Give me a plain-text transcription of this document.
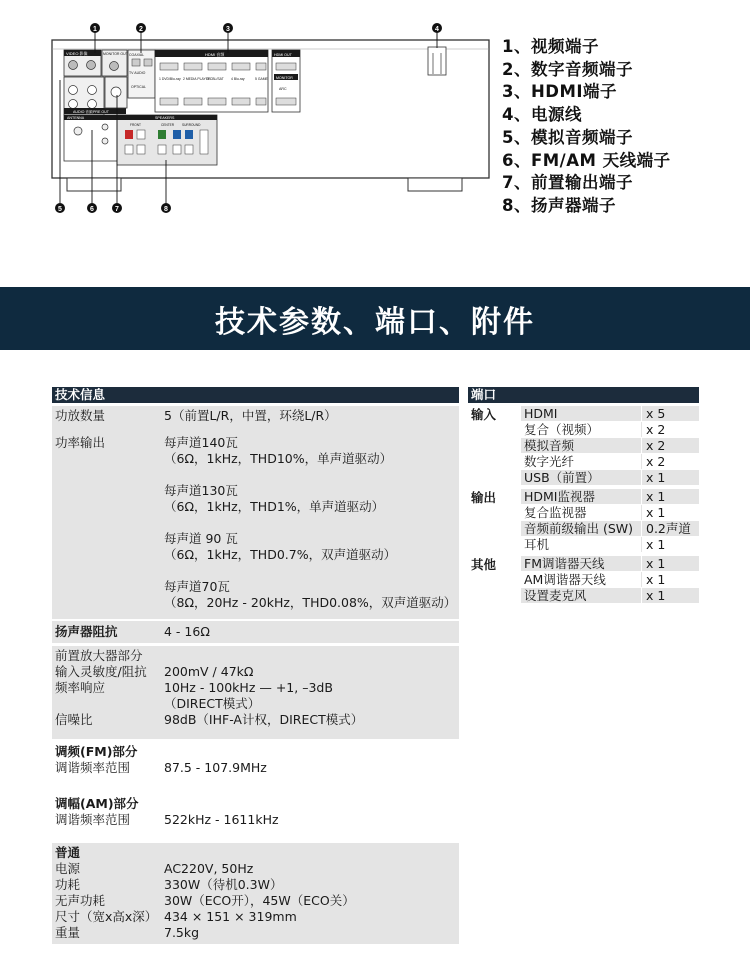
VIDEO 影像	MONITOR OUT COAXIAL
TV AUDIO
OPTICAL
HDMI 音频
1 DVD/Blu-ray 2 MEDIA PLAYER
3 CBL/SAT 4 Blu-ray	5 GAME
HDMI OUT
MONITOR
ARC
AUDIO 音频 PRE OUT
ANTENNA	SPEAKERS
FRONT	CENTER SURROUND
1	2	3	4
5	6	7	8
1、视频端子
2、数字音频端子
3、HDMI端子
4、电源线
5、模拟音频端子
6、FM/AM 天线端子
7、前置输出端子
8、扬声器端子
技术参数、端口、附件
技术信息
功放数量	5（前置L/R，中置，环绕L/R）
功率输出	每声道140瓦
（6Ω，1kHz，THD10%，单声道驱动）
每声道130瓦
（6Ω，1kHz，THD1%，单声道驱动）
每声道 90 瓦
（6Ω，1kHz，THD0.7%，双声道驱动）
每声道70瓦
（8Ω，20Hz - 20kHz，THD0.08%，双声道驱动）
扬声器阻抗	4 - 16Ω
前置放大器部分
输入灵敏度/阻抗	200mV / 47kΩ
频率响应	10Hz - 100kHz — +1, –3dB
（DIRECT模式）
信噪比	98dB（IHF-A计权，DIRECT模式）
调频(FM)部分
调谐频率范围	87.5 - 107.9MHz
调幅(AM)部分
调谐频率范围	522kHz - 1611kHz
普通
电源	AC220V, 50Hz
功耗	330W（待机0.3W）
无声功耗	30W（ECO开），45W（ECO关）
尺寸（宽x高x深） 434 × 151 × 319mm
重量	7.5kg
端口
输入	HDMI	x 5
复合（视频）	x 2
模拟音频	x 2
数字光纤	x 2
USB（前置）	x 1
输出	HDMI监视器	x 1
复合监视器	x 1
音频前级输出 (SW)	0.2声道
耳机	x 1
其他	FM调谐器天线	x 1
AM调谐器天线	x 1
设置麦克风	x 1
